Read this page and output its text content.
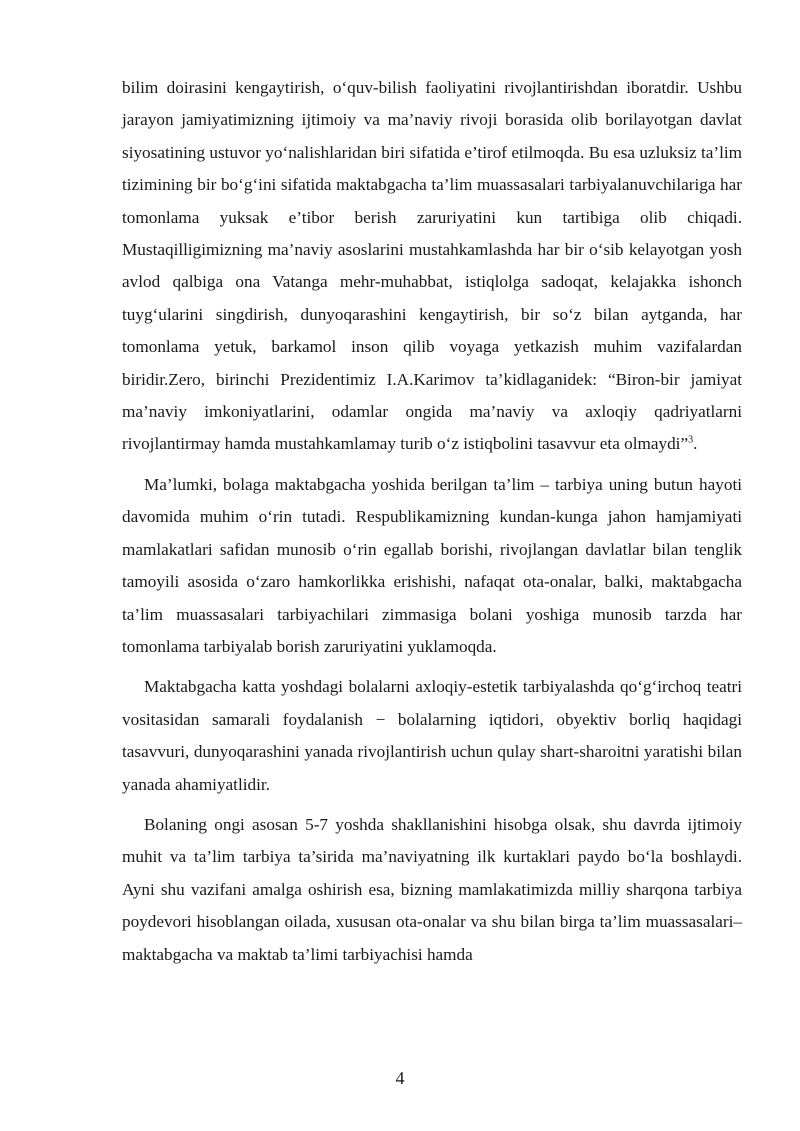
bilim doirasini kengaytirish, o‘quv-bilish faoliyatini rivojlantirishdan iboratdir. Ushbu jarayon jamiyatimizning ijtimoiy va ma’naviy rivoji borasida olib borilayotgan davlat siyosatining ustuvor yo‘nalishlaridan biri sifatida e’tirof etilmoqda. Bu esa uzluksiz ta’lim tizimining bir bo‘g‘ini sifatida maktabgacha ta’lim muassasalari tarbiyalanuvchilariga har tomonlama yuksak e’tibor berish zaruriyatini kun tartibiga olib chiqadi. Mustaqilligimizning ma’naviy asoslarini mustahkamlashda har bir o‘sib kelayotgan yosh avlod qalbiga ona Vatanga mehr-muhabbat, istiqlolga sadoqat, kelajakka ishonch tuyg‘ularini singdirish, dunyoqarashini kengaytirish, bir so‘z bilan aytganda, har tomonlama yetuk, barkamol inson qilib voyaga yetkazish muhim vazifalardan biridir.Zero, birinchi Prezidentimiz I.A.Karimov ta’kidlaganidek: “Biron-bir jamiyat ma’naviy imkoniyatlarini, odamlar ongida ma’naviy va axloqiy qadriyatlarni rivojlantirmay hamda mustahkamlamay turib o‘z istiqbolini tasavvur eta olmaydi”$^3$.

Ma’lumki, bolaga maktabgacha yoshida berilgan ta’lim – tarbiya uning butun hayoti davomida muhim o‘rin tutadi. Respublikamizning kundan-kunga jahon hamjamiyati mamlakatlari safidan munosib o‘rin egallab borishi, rivojlangan davlatlar bilan tenglik tamoyili asosida o‘zaro hamkorlikka erishishi, nafaqat ota-onalar, balki, maktabgacha ta’lim muassasalari tarbiyachilari zimmasiga bolani yoshiga munosib tarzda har tomonlama tarbiyalab borish zaruriyatini yuklamoqda.

Maktabgacha katta yoshdagi bolalarni axloqiy-estetik tarbiyalashda qo‘g‘irchoq teatri vositasidan samarali foydalanish − bolalarning iqtidori, obyektiv borliq haqidagi tasavvuri, dunyoqarashini yanada rivojlantirish uchun qulay shart-sharoitni yaratishi bilan yanada ahamiyatlidir.

Bolaning ongi asosan 5-7 yoshda shakllanishini hisobga olsak, shu davrda ijtimoiy muhit va ta’lim tarbiya ta’sirida ma’naviyatning ilk kurtaklari paydo bo‘la boshlaydi. Ayni shu vazifani amalga oshirish esa, bizning mamlakatimizda milliy sharqona tarbiya poydevori hisoblangan oilada, xususan ota-onalar va shu bilan birga ta’lim muassasalari– maktabgacha va maktab ta’limi tarbiyachisi hamda

4
